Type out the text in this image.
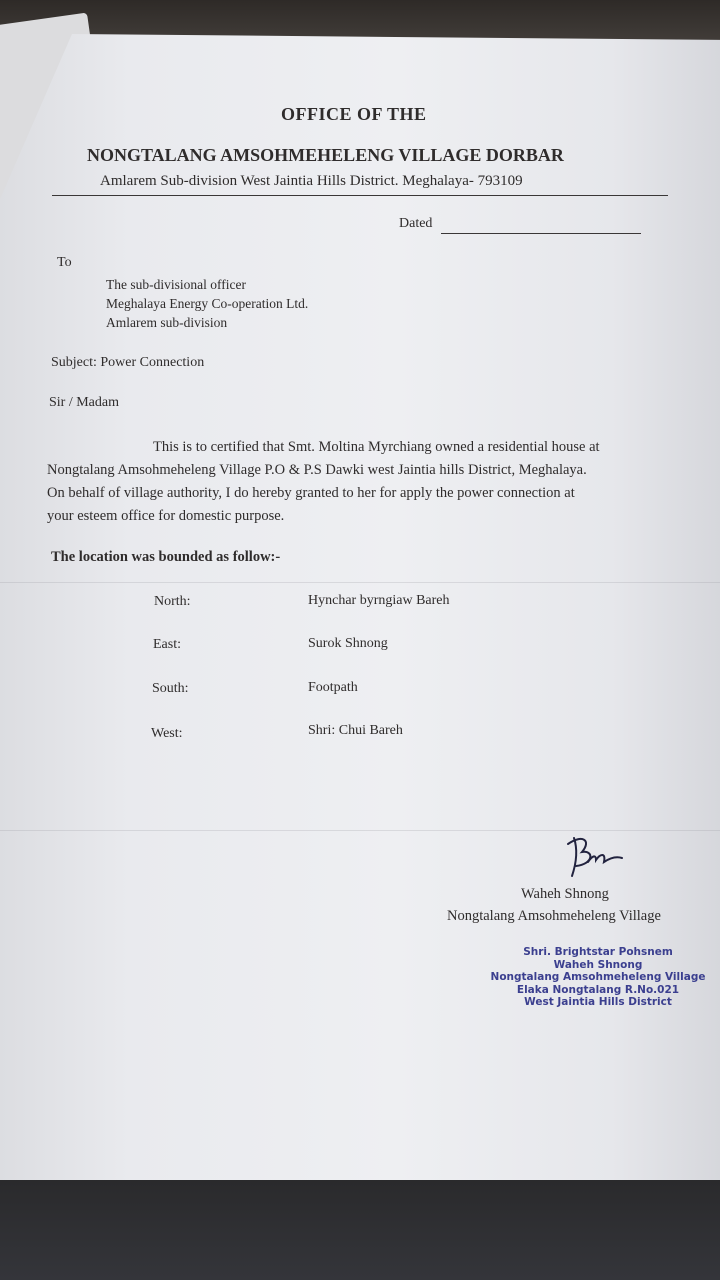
OFFICE OF THE
NONGTALANG AMSOHMEHELENG VILLAGE DORBAR
Amlarem Sub-division West Jaintia Hills District. Meghalaya- 793109
Dated
To
The sub-divisional officer
Meghalaya Energy Co-operation Ltd.
Amlarem sub-division
Subject: Power Connection
Sir / Madam
This is to certified that Smt. Moltina Myrchiang owned a residential house at
Nongtalang Amsohmeheleng Village P.O & P.S Dawki west Jaintia hills District, Meghalaya.
On behalf of village authority, I do hereby granted to her for apply the power connection at
your esteem office for domestic purpose.
The location was bounded as follow:-
North:	Hynchar byrngiaw Bareh
East:	Surok Shnong
South:	Footpath
West:	Shri: Chui Bareh
Waheh Shnong
Nongtalang Amsohmeheleng Village
Shri. Brightstar Pohsnem
Waheh Shnong
Nongtalang Amsohmeheleng Village
Elaka Nongtalang R.No.021
West Jaintia Hills District
